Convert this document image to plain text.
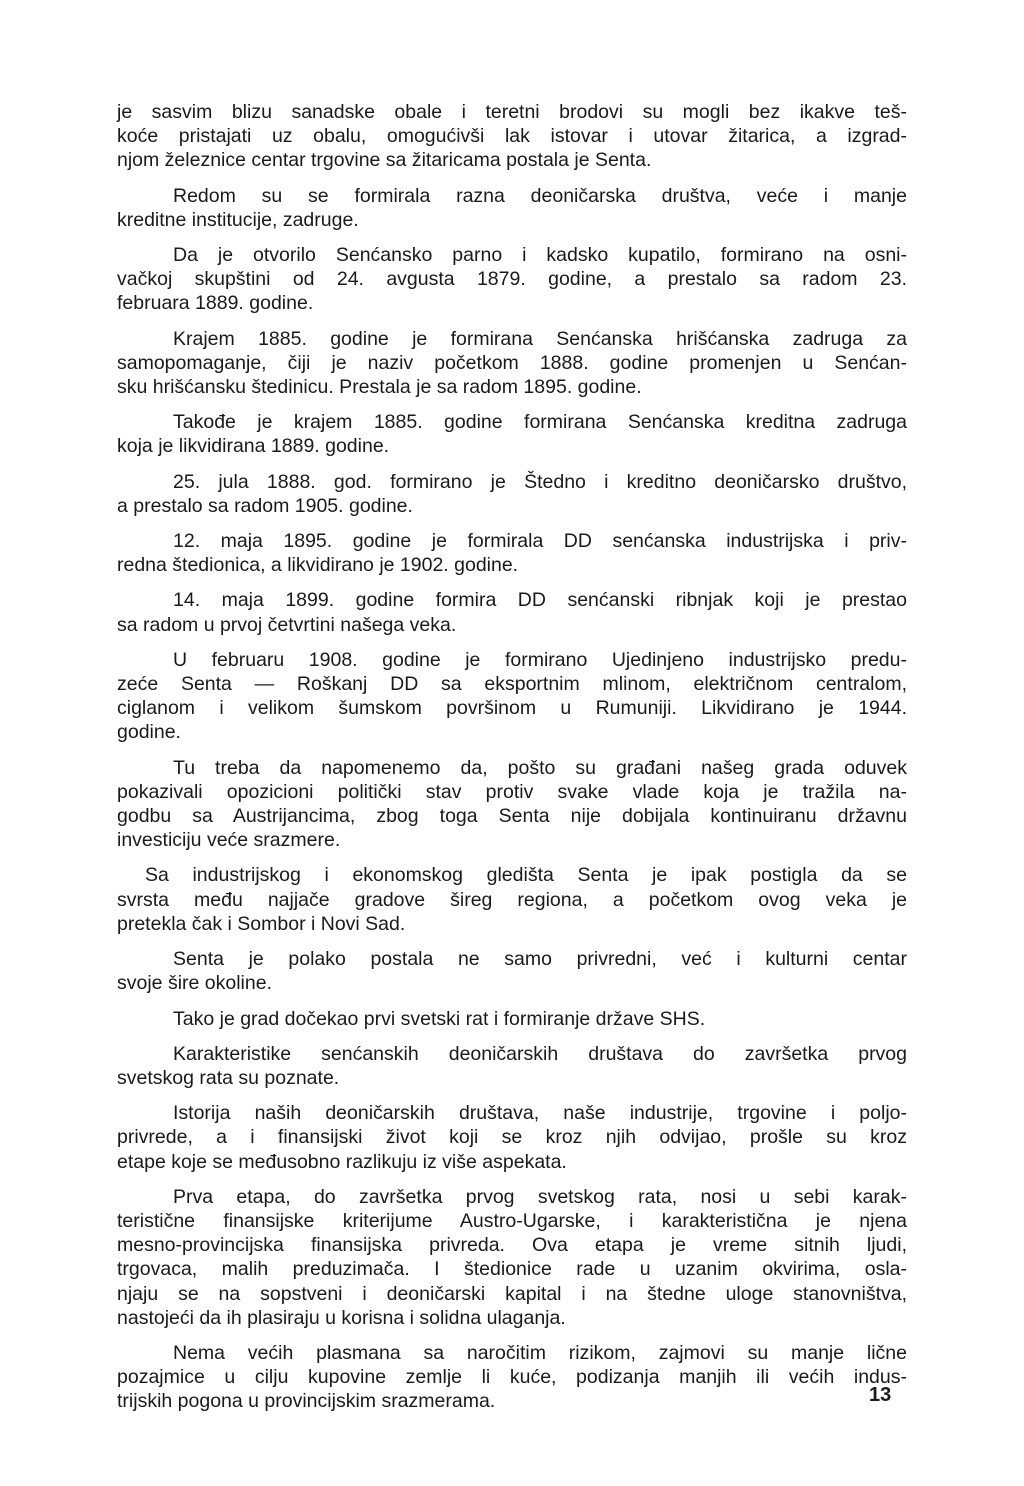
je sasvim blizu sanadske obale i teretni brodovi su mogli bez ikakve teš-
koće pristajati uz obalu, omogućivši lak istovar i utovar žitarica, a izgrad-
njom železnice centar trgovine sa žitaricama postala je Senta.
Redom su se formirala razna deoničarska društva, veće i manje
kreditne institucije, zadruge.
Da je otvorilo Senćansko parno i kadsko kupatilo, formirano na osni-
vačkoj skupštini od 24. avgusta 1879. godine, a prestalo sa radom 23.
februara 1889. godine.
Krajem 1885. godine je formirana Senćanska hrišćanska zadruga za
samopomaganje, čiji je naziv početkom 1888. godine promenjen u Senćan-
sku hrišćansku štedinicu. Prestala je sa radom 1895. godine.
Takođe je krajem 1885. godine formirana Senćanska kreditna zadruga
koja je likvidirana 1889. godine.
25. jula 1888. god. formirano je Štedno i kreditno deoničarsko društvo,
a prestalo sa radom 1905. godine.
12. maja 1895. godine je formirala DD senćanska industrijska i priv-
redna štedionica, a likvidirano je 1902. godine.
14. maja 1899. godine formira DD senćanski ribnjak koji je prestao
sa radom u prvoj četvrtini našega veka.
U februaru 1908. godine je formirano Ujedinjeno industrijsko predu-
zeće Senta — Roškanj DD sa eksportnim mlinom, električnom centralom,
ciglanom i velikom šumskom površinom u Rumuniji. Likvidirano je 1944.
godine.
Tu treba da napomenemo da, pošto su građani našeg grada oduvek
pokazivali opozicioni politički stav protiv svake vlade koja je tražila na-
godbu sa Austrijancima, zbog toga Senta nije dobijala kontinuiranu državnu
investiciju veće srazmere.
Sa industrijskog i ekonomskog gledišta Senta je ipak postigla da se
svrsta među najjače gradove šireg regiona, a početkom ovog veka je
pretekla čak i Sombor i Novi Sad.
Senta je polako postala ne samo privredni, već i kulturni centar
svoje šire okoline.
Tako je grad dočekao prvi svetski rat i formiranje države SHS.
Karakteristike senćanskih deoničarskih društava do završetka prvog
svetskog rata su poznate.
Istorija naših deoničarskih društava, naše industrije, trgovine i poljo-
privrede, a i finansijski život koji se kroz njih odvijao, prošle su kroz
etape koje se međusobno razlikuju iz više aspekata.
Prva etapa, do završetka prvog svetskog rata, nosi u sebi karak-
teristične finansijske kriterijume Austro-Ugarske, i karakteristična je njena
mesno-provincijska finansijska privreda. Ova etapa je vreme sitnih ljudi,
trgovaca, malih preduzimača. I štedionice rade u uzanim okvirima, osla-
njaju se na sopstveni i deoničarski kapital i na štedne uloge stanovništva,
nastojeći da ih plasiraju u korisna i solidna ulaganja.
Nema većih plasmana sa naročitim rizikom, zajmovi su manje lične
pozajmice u cilju kupovine zemlje li kuće, podizanja manjih ili većih indus-
trijskih pogona u provincijskim srazmerama.	13
